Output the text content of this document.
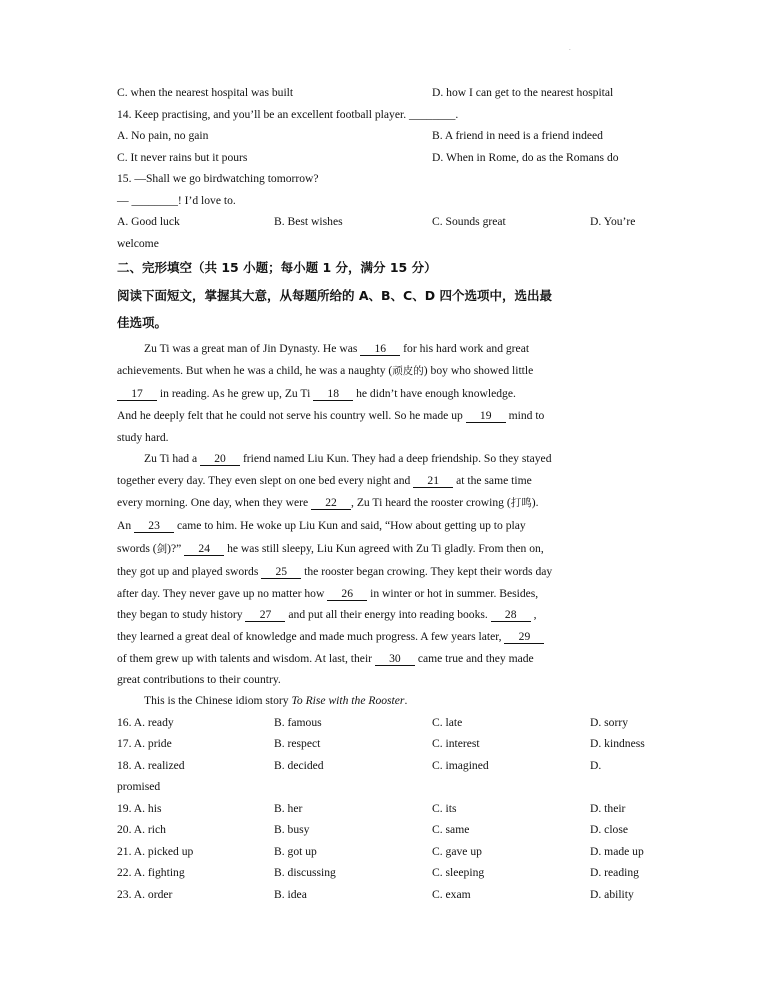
.
C. when the nearest hospital was built	D. how I can get to the nearest hospital
14. Keep practising, and you’ll be an excellent football player. ________.
A. No pain, no gain	B. A friend in need is a friend indeed
C. It never rains but it pours	D. When in Rome, do as the Romans do
15. —Shall we go birdwatching tomorrow?
— ________! I’d love to.
A. Good luck	B. Best wishes	C. Sounds great	D. You’re
welcome
二、完形填空（共 15 小题；每小题 1 分，满分 15 分）
阅读下面短文，掌握其大意，从每题所给的 A、B、C、D 四个选项中，选出最
佳选项。
Zu Ti was a great man of Jin Dynasty. He was 16 for his hard work and great
achievements. But when he was a child, he was a naughty (顽皮的) boy who showed little
17 in reading. As he grew up, Zu Ti 18 he didn’t have enough knowledge.
And he deeply felt that he could not serve his country well. So he made up 19 mind to
study hard.
Zu Ti had a 20 friend named Liu Kun. They had a deep friendship. So they stayed
together every day. They even slept on one bed every night and 21 at the same time
every morning. One day, when they were 22 , Zu Ti heard the rooster crowing (打鸣).
An 23 came to him. He woke up Liu Kun and said, “How about getting up to play
swords (剑)?” 24 he was still sleepy, Liu Kun agreed with Zu Ti gladly. From then on,
they got up and played swords 25 the rooster began crowing. They kept their words day
after day. They never gave up no matter how 26 in winter or hot in summer. Besides,
they began to study history 27 and put all their energy into reading books. 28 ,
they learned a great deal of knowledge and made much progress. A few years later, 29
of them grew up with talents and wisdom. At last, their 30 came true and they made
great contributions to their country.
This is the Chinese idiom story To Rise with the Rooster.
16. A. ready	B. famous	C. late	D. sorry
17. A. pride	B. respect	C. interest	D. kindness
18. A. realized	B. decided	C. imagined	D.
promised
19. A. his	B. her	C. its	D. their
20. A. rich	B. busy	C. same	D. close
21. A. picked up	B. got up	C. gave up	D. made up
22. A. fighting	B. discussing	C. sleeping	D. reading
23. A. order	B. idea	C. exam	D. ability
